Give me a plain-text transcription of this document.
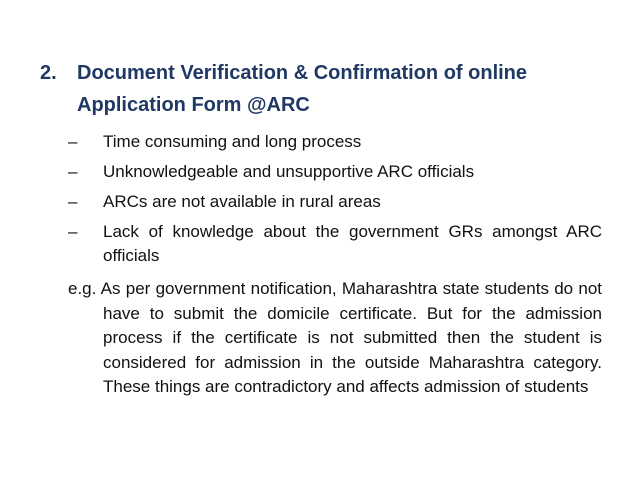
2. Document Verification & Confirmation of online
Application Form @ARC
– Time consuming and long process
– Unknowledgeable and unsupportive ARC officials
– ARCs are not available in rural areas
– Lack of knowledge about the government GRs amongst ARC officials

e.g. As per government notification, Maharashtra state students do not have to submit the domicile certificate. But for the admission process if the certificate is not submitted then the student is considered for admission in the outside Maharashtra category. These things are contradictory and affects admission of students
